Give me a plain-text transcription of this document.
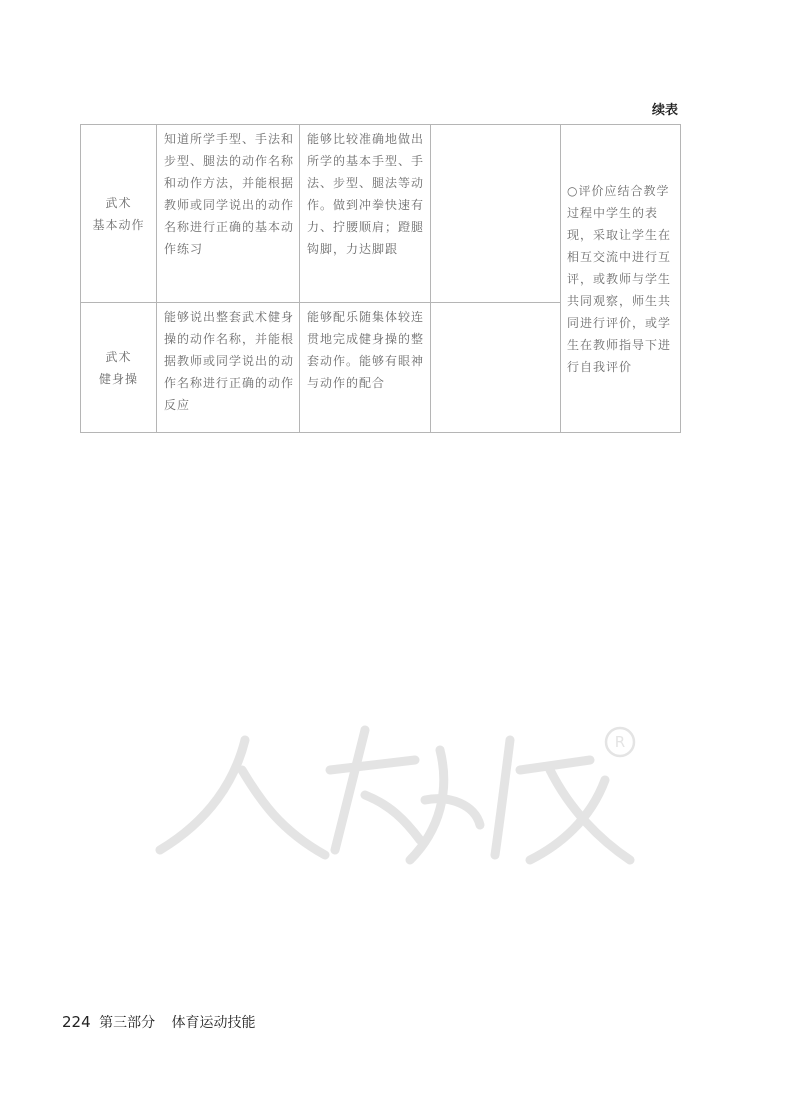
续表
武术
基本动作	知道所学手型、手法和步型、腿法的动作名称和动作方法，并能根据教师或同学说出的动作名称进行正确的基本动作练习	能够比较准确地做出所学的基本手型、手法、步型、腿法等动作。做到冲拳快速有力、拧腰顺肩；蹬腿钩脚，力达脚跟		○评价应结合教学过程中学生的表现，采取让学生在相互交流中进行互评，或教师与学生共同观察，师生共同进行评价，或学生在教师指导下进行自我评价

武术
健身操	能够说出整套武术健身操的动作名称，并能根据教师或同学说出的动作名称进行正确的动作反应	能够配乐随集体较连贯地完成健身操的整套动作。能够有眼神与动作的配合		
R
224 第三部分 体育运动技能
